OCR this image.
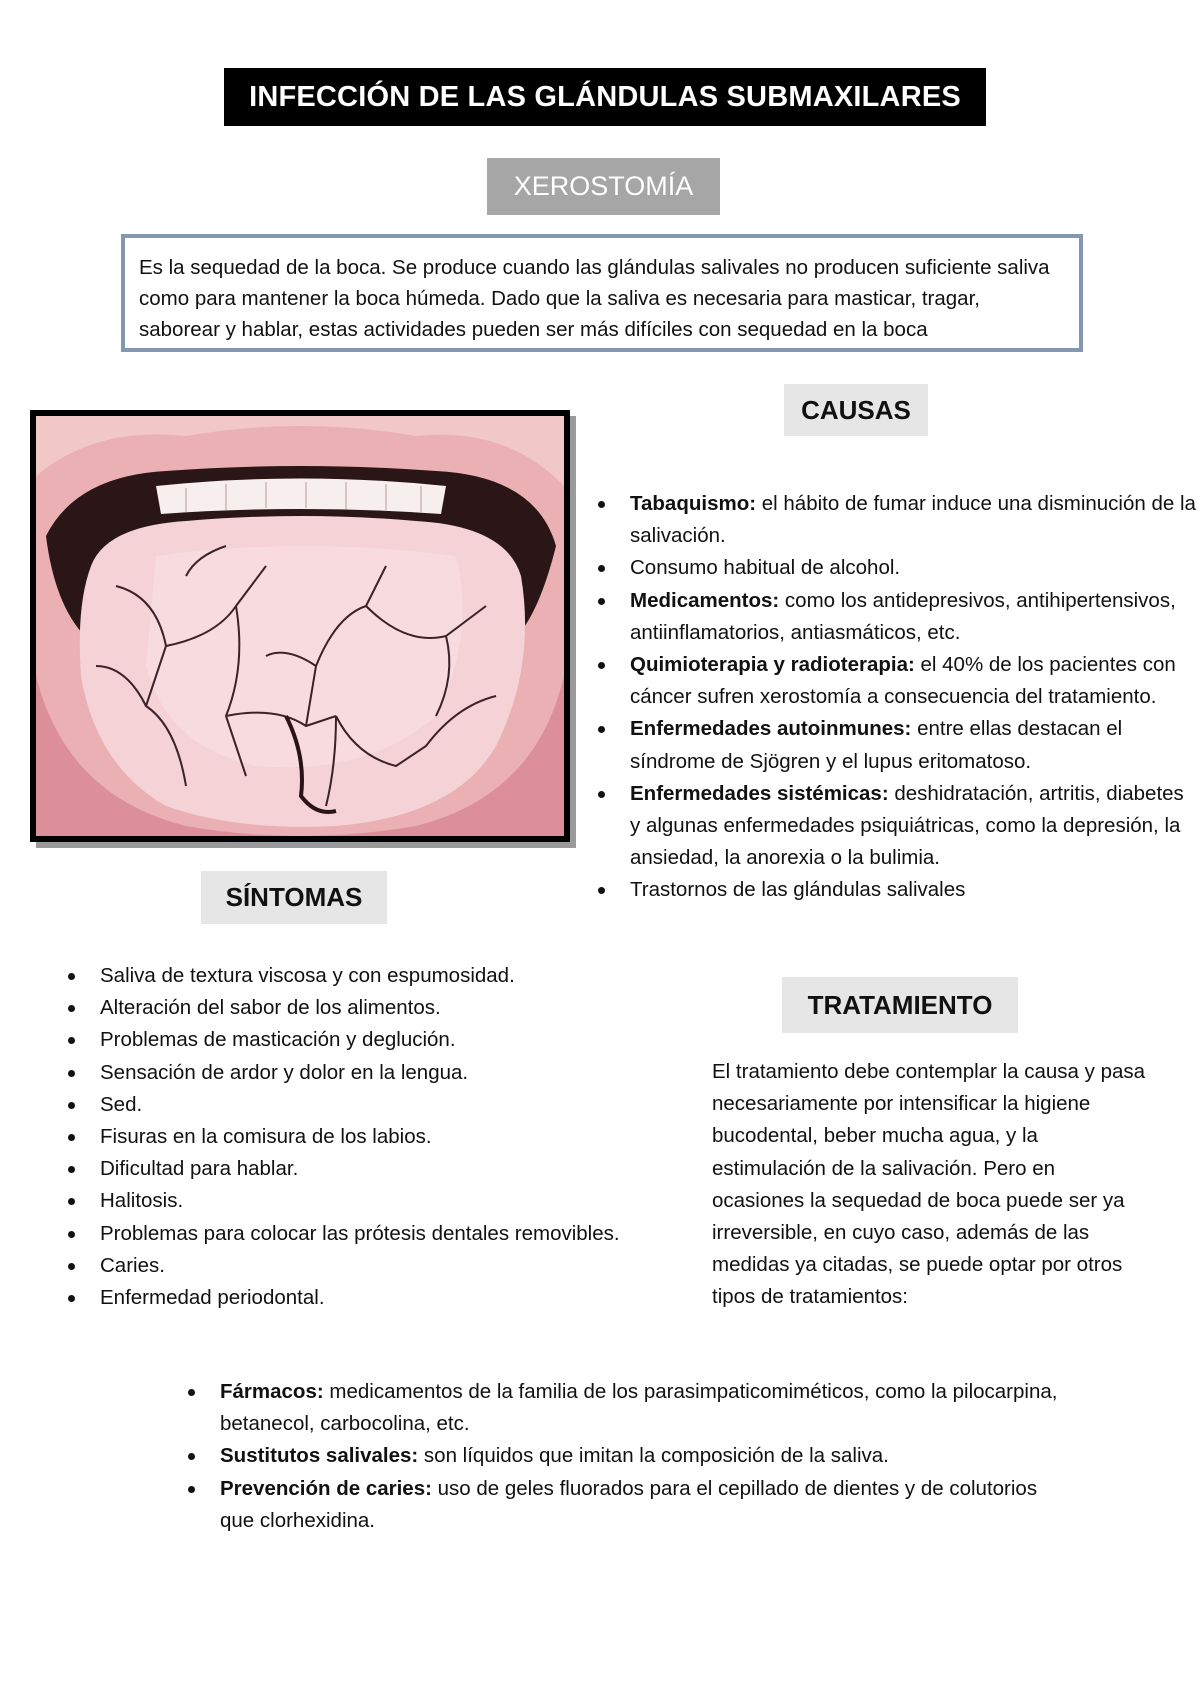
INFECCIÓN DE LAS GLÁNDULAS SUBMAXILARES
XEROSTOMÍA
Es la sequedad de la boca. Se produce cuando las glándulas salivales no producen suficiente saliva como para mantener la boca húmeda. Dado que la saliva es necesaria para masticar, tragar, saborear y hablar, estas actividades pueden ser más difíciles con sequedad en la boca
CAUSAS
Tabaquismo: el hábito de fumar induce una disminución de la salivación.
Consumo habitual de alcohol.
Medicamentos: como los antidepresivos, antihipertensivos, antiinflamatorios, antiasmáticos, etc.
Quimioterapia y radioterapia: el 40% de los pacientes con cáncer sufren xerostomía a consecuencia del tratamiento.
Enfermedades autoinmunes: entre ellas destacan el síndrome de Sjögren y el lupus eritomatoso.
Enfermedades sistémicas: deshidratación, artritis, diabetes y algunas enfermedades psiquiátricas, como la depresión, la ansiedad, la anorexia o la bulimia.
Trastornos de las glándulas salivales
SÍNTOMAS
Saliva de textura viscosa y con espumosidad.
Alteración del sabor de los alimentos.
Problemas de masticación y deglución.
Sensación de ardor y dolor en la lengua.
Sed.
Fisuras en la comisura de los labios.
Dificultad para hablar.
Halitosis.
Problemas para colocar las prótesis dentales removibles.
Caries.
Enfermedad periodontal.
TRATAMIENTO
El tratamiento debe contemplar la causa y pasa necesariamente por intensificar la higiene bucodental, beber mucha agua, y la estimulación de la salivación. Pero en ocasiones la sequedad de boca puede ser ya irreversible, en cuyo caso, además de las medidas ya citadas, se puede optar por otros tipos de tratamientos:
Fármacos: medicamentos de la familia de los parasimpaticomiméticos, como la pilocarpina, betanecol, carbocolina, etc.
Sustitutos salivales: son líquidos que imitan la composición de la saliva.
Prevención de caries: uso de geles fluorados para el cepillado de dientes y de colutorios que clorhexidina.
